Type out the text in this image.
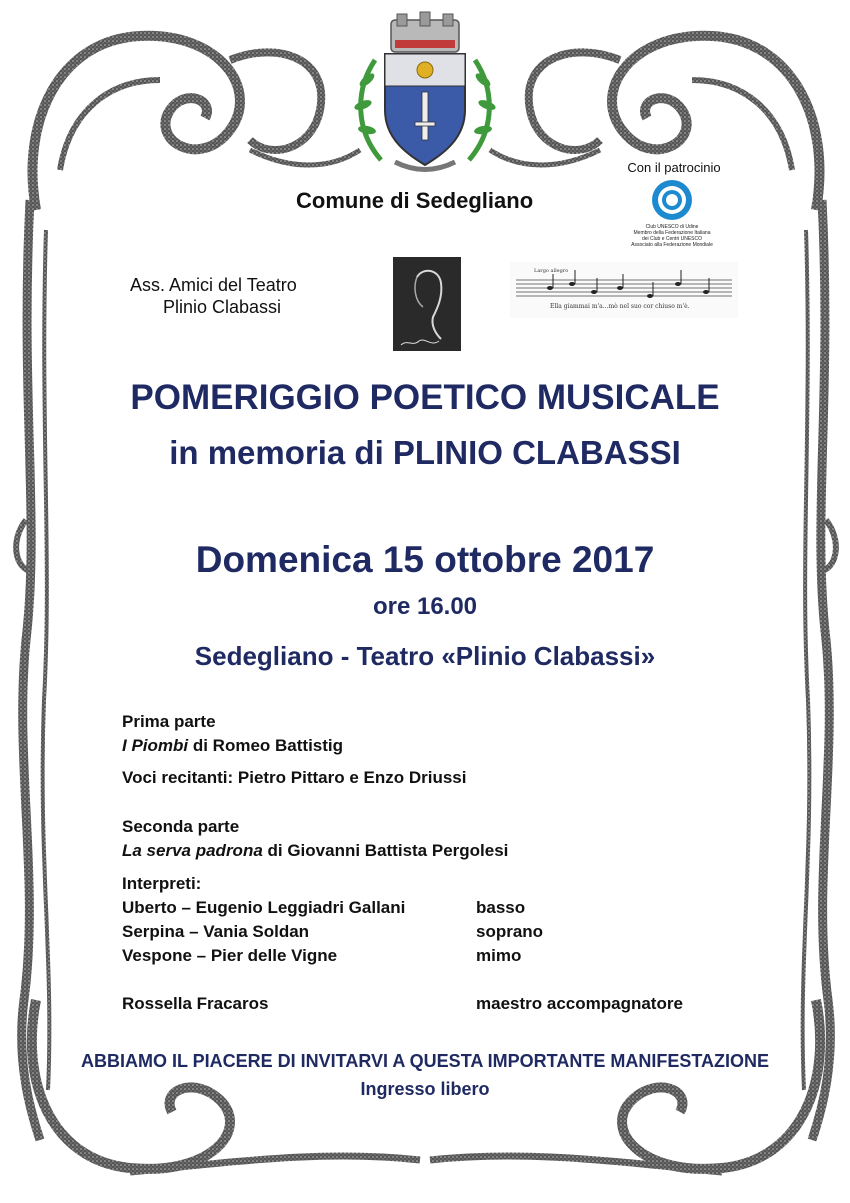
Comune di Sedegliano
Con il patrocinio
Club UNESCO di Udine
Membro della Federazione Italiana
dei Club e Centri UNESCO
Associato alla Federazione Mondiale
Ass. Amici del Teatro
Plinio Clabassi
Largo allegro
Ella giammai m'a...mò nel suo cor chiuso m'è.
POMERIGGIO POETICO MUSICALE
in memoria di PLINIO CLABASSI
Domenica 15 ottobre 2017
ore 16.00
Sedegliano - Teatro «Plinio Clabassi»
Prima parte
I Piombi di Romeo Battistig
Voci recitanti: Pietro Pittaro e Enzo Driussi
Seconda parte
La serva padrona di Giovanni Battista Pergolesi
Interpreti:
Uberto – Eugenio Leggiadri Gallani	basso
Serpina – Vania Soldan	soprano
Vespone – Pier delle Vigne	mimo
Rossella Fracaros	maestro accompagnatore
ABBIAMO IL PIACERE DI INVITARVI A QUESTA IMPORTANTE MANIFESTAZIONE
Ingresso libero
